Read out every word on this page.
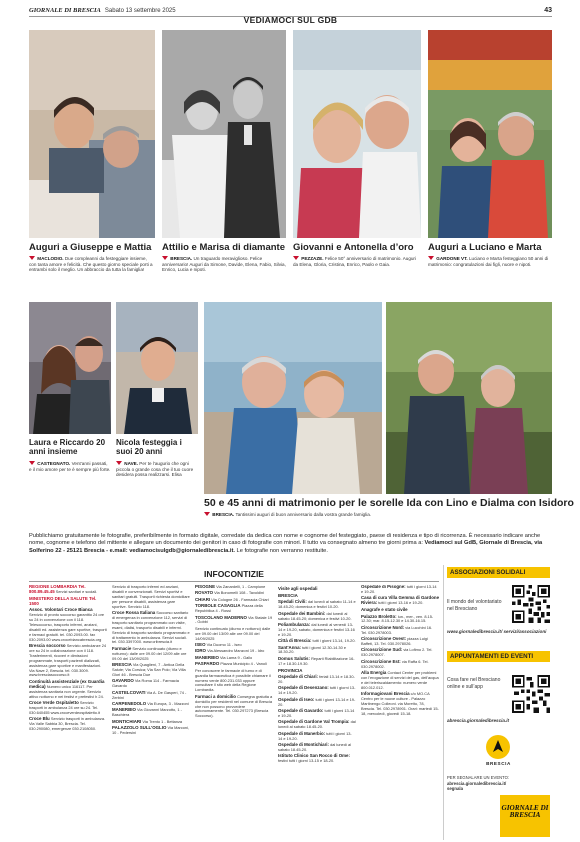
GIORNALE DI BRESCIA Sabato 13 settembre 2025	43
VEDIAMOCI SUL GDB
Auguri a Giuseppe e Mattia
MACLODIO. Due compleanni da festeggiare insieme, con tanta amore e felicità. Che questo giorno speciale porti a entrambi solo il meglio. Un abbraccio da tutta la famiglia!
Attilio e Marisa di diamante
BRESCIA. Un traguardo meraviglioso. Felice anniversario! Auguri da Simone, Davide, Elena, Fabio, Silvia, Enrico, Lucia e nipoti.
Giovanni e Antonella d’oro
PEZZAZE. Felice 50° anniversario di matrimonio. Auguri da Elena, Gloria, Cristina, Enrico, Paolo e Gaia.
Auguri a Luciano e Marta
GARDONE VT. Luciano e Marta festeggiano 50 anni di matrimonio: congratulazioni dai figli, nuore e nipoti.
Laura e Riccardo 20 anni insieme
CASTEGNATO. Vent’anni passati, e il mio amore per te è sempre più forte.
Nicola festeggia i suoi 20 anni
NAVE. Per te l’augurio che ogni piccola o grande cosa che il tuo cuore desidera possa realizzarsi. Elisa
50 e 45 anni di matrimonio per le sorelle Ida con Lino e Dialma con Isidoro
BRESCIA. Tantissimi auguri di buon anniversario dalla vostra grande famiglia.
Pubblichiamo gratuitamente le fotografie, preferibilmente in formato digitale, corredate da dedica con nome e cognome del festeggiato, paese di residenza e tipo di ricorrenza. È necessario indicare anche nome, cognome e telefono del mittente e allegare un documento dei genitori in caso di fotografie con minori. Il tutto va consegnato almeno tre giorni prima a: Vediamoci sul GdB, Giornale di Brescia, via Solferino 22 - 25121 Brescia - e.mail: vediamocisulgdb@giornaledibrescia.it. Le fotografie non verranno restituite.
INFOCONTIZIE
REGIONE LOMBARDIA Tel. 800.89.45.45 Servizi sanitari e sociali.
MINISTERO DELLA SALUTE Tel. 1500
Assoc. Volontari Croce Bianca Servizio di pronto soccorso garantito 24 ore su 24 in convenzione con il 118. Telesoccorso, trasporto infermi, anziani, disabili ed. assistenza gare sportive, trasporti e farmaci gratuiti. tel. 030.2093.00. fax 030.2093.00 www.crocebiancabrescia.org
Brescia soccorso Servizio ambulanze 24 ore su 24 in collaborazione con il 118. Trasferimenti, ricoveri e dimissioni programmate, trasporti pazienti dializzati, assistenza gare sportive e manifestazioni. Via Nave 2, Brescia. tel. 030.3009. www.bresciasoccorso.it
Continuità assistenziale (ex Guardia medica) Numero unico 116117. Per assistenza sanitaria non urgente. Servizio attivo notturno e nei festivi e prefestivi h 24.
Croce Verde Ospitaletto Servizio trasporti in ambulanza 24 ore su 24. Tel. 030.640455 www.croceverdeospitaletto.it
Croce Blu Servizio trasporti in ambulanza. Via Valle Sabbia 30, Brescia. Tel. 030.290080, emergenze 030.2108050.
Servizio di trasporto infermi ed anziani, disabili e convenzionati. Servizi sportivi e sanitari gratuiti. Trasporti richiesta domiciliare per persone disabili, assistenza gare sportive. Servizio 118.
Croce Rossa Italiana Soccorso sanitario di emergenza in convenzione 112, servizi di trasporto sanitario programmato con visite, esami, dialisi, trasporto disabili e infermi. Servizio di trasporto sanitario programmato e di trattamento in ambulanza. Servizi sociali. tel. 030.3397000. www.cribrescia.it
Farmacie Servizio continuato (diurno e notturno): dalle ore 09.00 del 12/09 alle ore 09.00 del 13/09/2025
BRESCIA Via Quaglieni, 7 - Antica Della Salute; Via Corsica; Via San Polo; Via Villa Glori 46 - Brescia Due
GAVARDO Via Roma 114 - Farmacia Gavardo
CASTELCOVATI Via A. De Gasperi, 74 - Zerbini
CARPENEDOLO Via Europa, 3 - Mazzoni
MANERBIO Via Giovanni Marzotto, 1 - Baschiera
MONTICHIARI Via Trento 1 - Bettanza
PALAZZOLO SULL'OGLIO Via Marconi, 10 - Pedersini
PISOGNE Via Zanardelli, 1 - Campione
ROVATO Via Bonomelli 108 - Tavoldini
CHIARI Via Cologne 26 - Farmacia Chiari
TORBOLE CASAGLIA Piazza della Repubblica 4 - Rossi
TOSCOLANO MADERNO Via Statale 19 - Gobbi
Servizio continuato (diurno e notturno) dalle ore 09.00 del 13/09 alle ore 09.00 del 14/09/2025
ISEO Via Duomo 11 - Iseo
IDRO Via Alessandro Manzoni 19 - Idro
MANERBIO Via Lama 9 - Gallo
PASPARDO Piazza Municipio 4 - Vanoli
Per conoscere le farmacie di turno e di guardia farmaceutica è possibile chiamare il numero verde 800.231.033 oppure consultare il sito web della Regione Lombardia.
Farmaci a domicilio Consegna gratuita a domicilio per residenti nel comune di Brescia che non possono provvedere autonomamente. Tel. 030.297273 (Brescia Soccorso).
Visite agli ospedali
BRESCIA
Spedali Civili: dal lunedì al sabato 11-14 e 18.45-20; domenica e festivi 10-20.
Ospedale dei Bambini: dal lunedì al sabato 18.45-20; domenica e festivi 10-20.
Poliambulanza: dal lunedì al venerdì 13-14 e 19-20, sabato, domenica e festivi 13-16 e 19-20.
Città di Brescia: tutti i giorni 13-14, 19-20.
Sant'Anna: tutti i giorni 12.30-14.30 e 18.30-20.
Domus Salutis: Reparti Riabilitazione 16-17 e 18.30-19.30.
PROVINCIA
Ospedale di Chiari: feriali 13-14 e 18.30-20.
Ospedale di Desenzano: tutti i giorni 13-14 e 19-20.
Ospedale di Iseo: tutti i giorni 13-14 e 19-20.
Ospedale di Gavardo: tutti i giorni 13-14 e 19-20.
Ospedale di Gardone Val Trompia: dal lunedì al sabato 18.45-20.
Ospedale di Manerbio: tutti i giorni 13-14 e 19-20.
Ospedale di Montichiari: dal lunedì al sabato 18.45-20.
Istituto Clinico San Rocco di Ome: festivi tutti i giorni 13-15 e 18-20.
Ospedale di Pisogne: tutti i giorni 13-14 e 19-20.
Casa di cura Villa Gemma di Gardone Riviera: tutti i giorni 13-16 e 19-20.
Anagrafe e stato civile
Palazzo Broletto: lun., mer., ven. 8.15-12.30; mar. 8.15-12.30 e 14.30-16.15.
Circoscrizione Nord: via Lucchini 16. Tel. 030.2978003.
Circoscrizione Ovest: piazza Luigi Baffeti, 13. Tel. 030.2978026.
Circoscrizione Sud: via Lofimo 2. Tel. 030.2978007.
Circoscrizione Est: via Raffa 6. Tel. 030.2978002.
Alla Energia Contact Center per problemi con l'erogazione di servizi del gas, dell'acqua e del teleriscaldamento: numero verde 800.012.012.
Informagiovani Brescia c/o MO.CA Centro per le nuove culture - Palazzo Martinengo Colleoni. via Moretto, 78, Brescia. Tel. 030.2978901. Orari: martedì 15-18, mercoledì, giovedì 15-18.
ASSOCIAZIONI SOLIDALI
Il mondo del volontariato nel Bresciano
www.giornaledibrescia.it/ servizi/associazioni
APPUNTAMENTI ED EVENTI
Cosa fare nel Bresciano online e sull’app
abrescia.giornaledibrescia.it
BRESCIA
PER SEGNALARE UN EVENTO:
abrescia.giornaledibrescia.it/ segnala
GIORNALE DI BRESCIA
